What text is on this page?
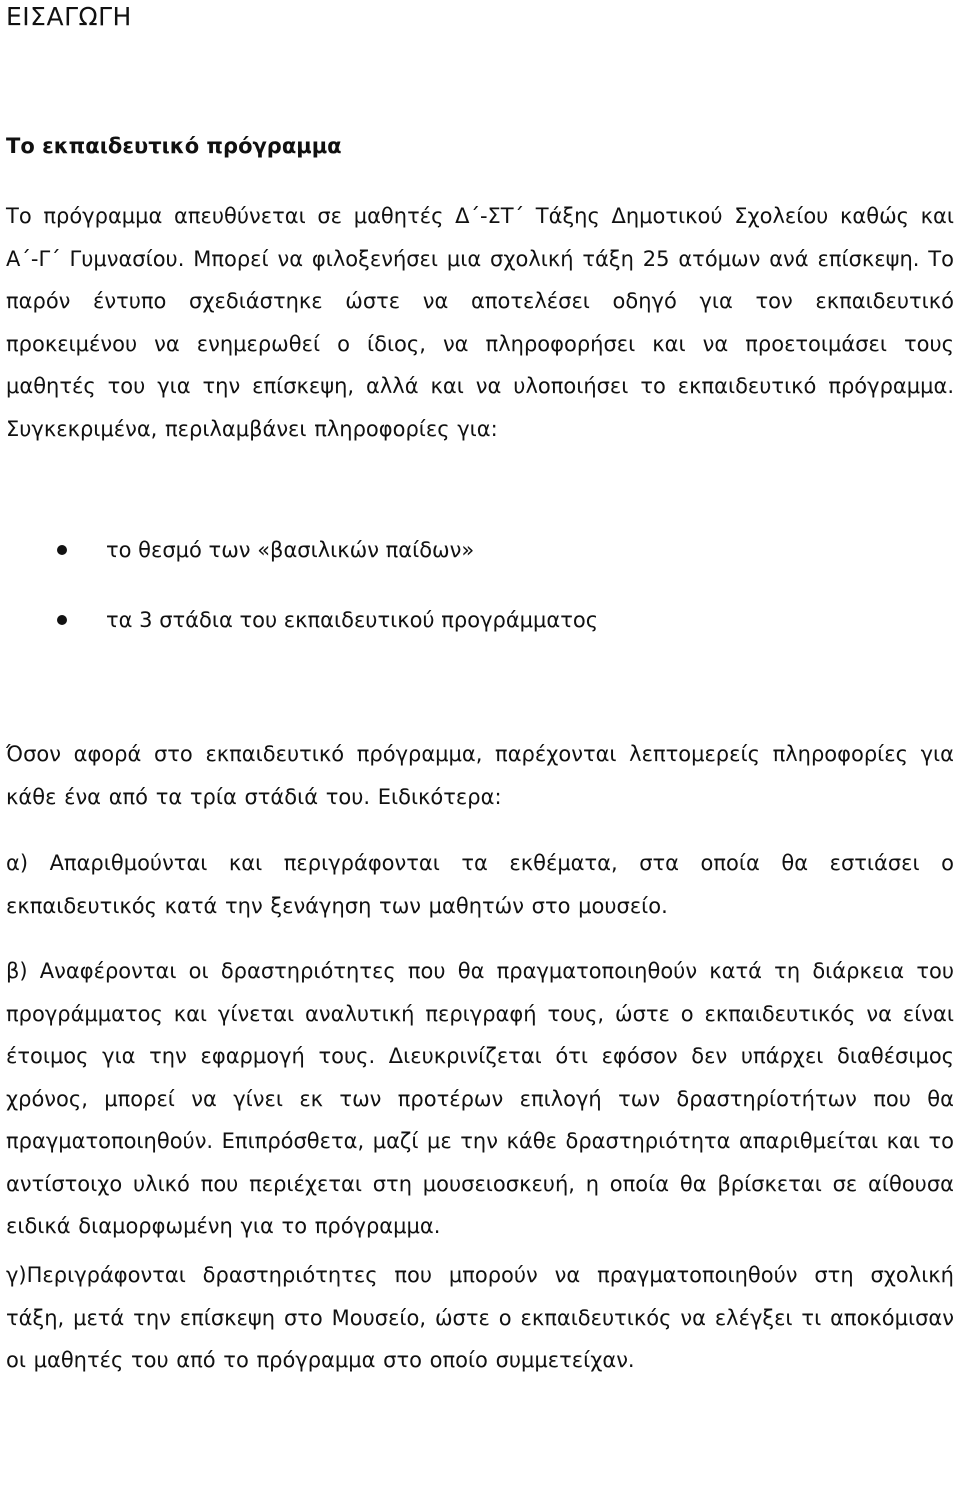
ΕΙΣΑΓΩΓΗ
Το εκπαιδευτικό πρόγραμμα

Το πρόγραμμα απευθύνεται σε μαθητές Δ΄-ΣΤ΄ Τάξης Δημοτικού Σχολείου καθώς και Α΄-Γ΄ Γυμνασίου. Μπορεί να φιλοξενήσει μια σχολική τάξη 25 ατόμων ανά επίσκεψη. Το παρόν έντυπο σχεδιάστηκε ώστε να αποτελέσει οδηγό για τον εκπαιδευτικό προκειμένου να ενημερωθεί ο ίδιος, να πληροφορήσει και να προετοιμάσει τους μαθητές του για την επίσκεψη, αλλά και να υλοποιήσει το εκπαιδευτικό πρόγραμμα. Συγκεκριμένα, περιλαμβάνει πληροφορίες για:

το θεσμό των «βασιλικών παίδων»
τα 3 στάδια του εκπαιδευτικού προγράμματος

Όσον αφορά στο εκπαιδευτικό πρόγραμμα, παρέχονται λεπτομερείς πληροφορίες για κάθε ένα από τα τρία στάδιά του. Ειδικότερα:

α) Απαριθμούνται και περιγράφονται τα εκθέματα, στα οποία θα εστιάσει ο εκπαιδευτικός κατά την ξενάγηση των μαθητών στο μουσείο.

β) Αναφέρονται οι δραστηριότητες που θα πραγματοποιηθούν κατά τη διάρκεια του προγράμματος και γίνεται αναλυτική περιγραφή τους, ώστε ο εκπαιδευτικός να είναι έτοιμος για την εφαρμογή τους. Διευκρινίζεται ότι εφόσον δεν υπάρχει διαθέσιμος χρόνος, μπορεί να γίνει εκ των προτέρων επιλογή των δραστηρίοτήτων που θα πραγματοποιηθούν. Επιπρόσθετα, μαζί με την κάθε δραστηριότητα απαριθμείται και το αντίστοιχο υλικό που περιέχεται στη μουσειοσκευή, η οποία θα βρίσκεται σε αίθουσα ειδικά διαμορφωμένη για το πρόγραμμα.

γ)Περιγράφονται δραστηριότητες που μπορούν να πραγματοποιηθούν στη σχολική τάξη, μετά την επίσκεψη στο Μουσείο, ώστε ο εκπαιδευτικός να ελέγξει τι αποκόμισαν οι μαθητές του από το πρόγραμμα στο οποίο συμμετείχαν.
